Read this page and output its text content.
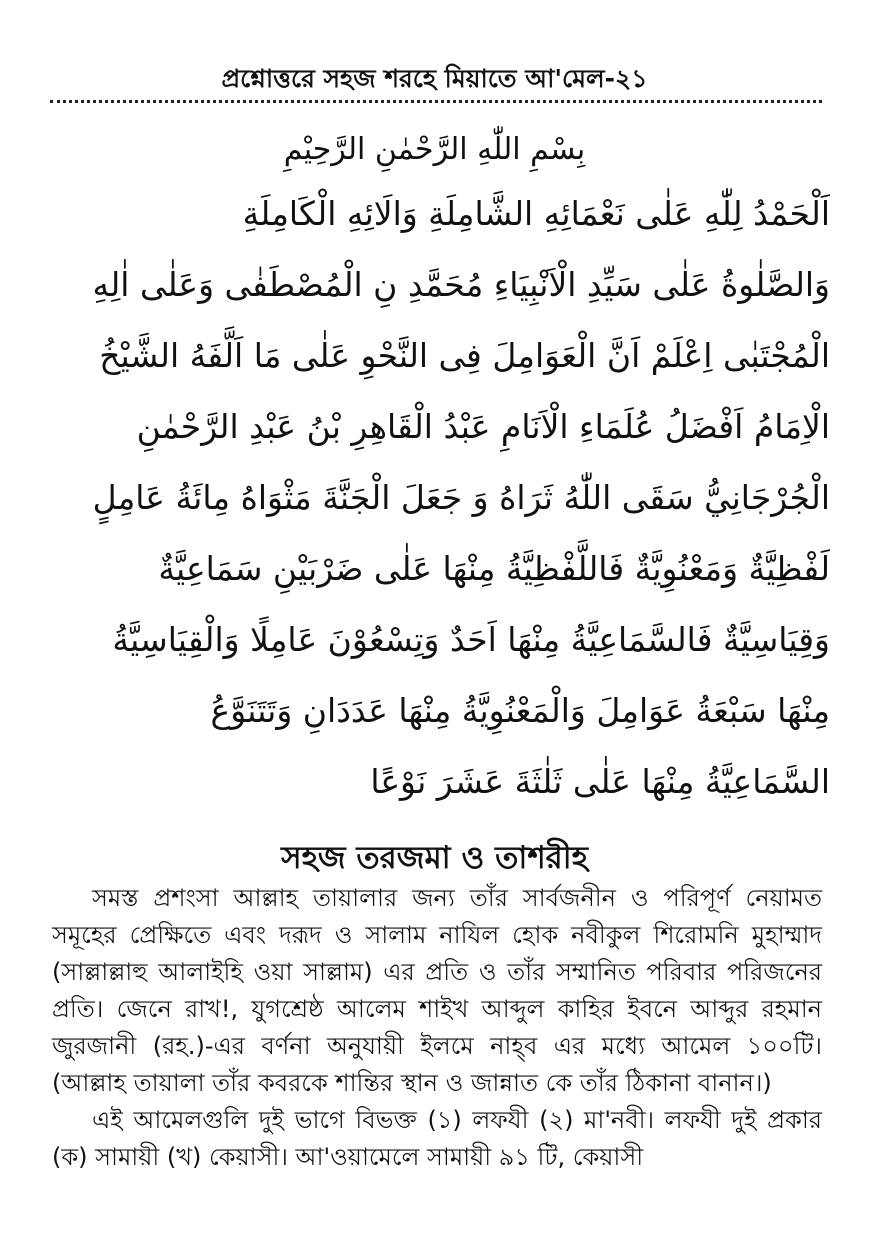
প্রশ্নোত্তরে সহজ শরহে মিয়াতে আ'মেল-২১
بِسْمِ اللّٰهِ الرَّحْمٰنِ الرَّحِيْمِ
اَلْحَمْدُ لِلّٰهِ عَلٰى نَعْمَائِهِ الشَّامِلَةِ وَالَائِهِ الْكَامِلَةِ
وَالصَّلٰوةُ عَلٰى سَيِّدِ الْاَنْبِيَاءِ مُحَمَّدِ نِ الْمُصْطَفٰى وَعَلٰى اٰلِهِ
الْمُجْتَبٰى اِعْلَمْ اَنَّ الْعَوَامِلَ فِى النَّحْوِ عَلٰى مَا اَلَّفَهُ الشَّيْخُ
الْاِمَامُ اَفْضَلُ عُلَمَاءِ الْاَنَامِ عَبْدُ الْقَاهِرِ بْنُ عَبْدِ الرَّحْمٰنِ
الْجُرْجَانِيُّ سَقَى اللّٰهُ ثَرَاهُ وَ جَعَلَ الْجَنَّةَ مَثْوَاهُ مِائَةُ عَامِلٍ
لَفْظِيَّةٌ وَمَعْنُوِيَّةٌ فَاللَّفْظِيَّةُ مِنْهَا عَلٰى ضَرْبَيْنِ سَمَاعِيَّةٌ
وَقِيَاسِيَّةٌ فَالسَّمَاعِيَّةُ مِنْهَا اَحَدٌ وَتِسْعُوْنَ عَامِلًا وَالْقِيَاسِيَّةُ
مِنْهَا سَبْعَةُ عَوَامِلَ وَالْمَعْنُوِيَّةُ مِنْهَا عَدَدَانِ وَتَتَنَوَّعُ
السَّمَاعِيَّةُ مِنْهَا عَلٰى ثَلٰثَةَ عَشَرَ نَوْعًا
সহজ তরজমা ও তাশরীহ

সমস্ত প্রশংসা আল্লাহ তায়ালার জন্য তাঁর সার্বজনীন ও পরিপূর্ণ নেয়ামত সমূহের প্রেক্ষিতে এবং দরূদ ও সালাম নাযিল হোক নবীকুল শিরোমনি মুহাম্মাদ (সাল্লাল্লাহু আলাইহি ওয়া সাল্লাম) এর প্রতি ও তাঁর সম্মানিত পরিবার পরিজনের প্রতি। জেনে রাখ!, যুগশ্রেষ্ঠ আলেম শাইখ আব্দুল কাহির ইবনে আব্দুর রহমান জুরজানী (রহ.)-এর বর্ণনা অনুযায়ী ইলমে নাহ্‌ব এর মধ্যে আমেল ১০০টি। (আল্লাহ তায়ালা তাঁর কবরকে শান্তির স্থান ও জান্নাত কে তাঁর ঠিকানা বানান।)

এই আমেলগুলি দুই ভাগে বিভক্ত (১) লফযী (২) মা'নবী। লফযী দুই প্রকার (ক) সামায়ী (খ) কেয়াসী। আ'ওয়ামেলে সামায়ী ৯১ টি, কেয়াসী
